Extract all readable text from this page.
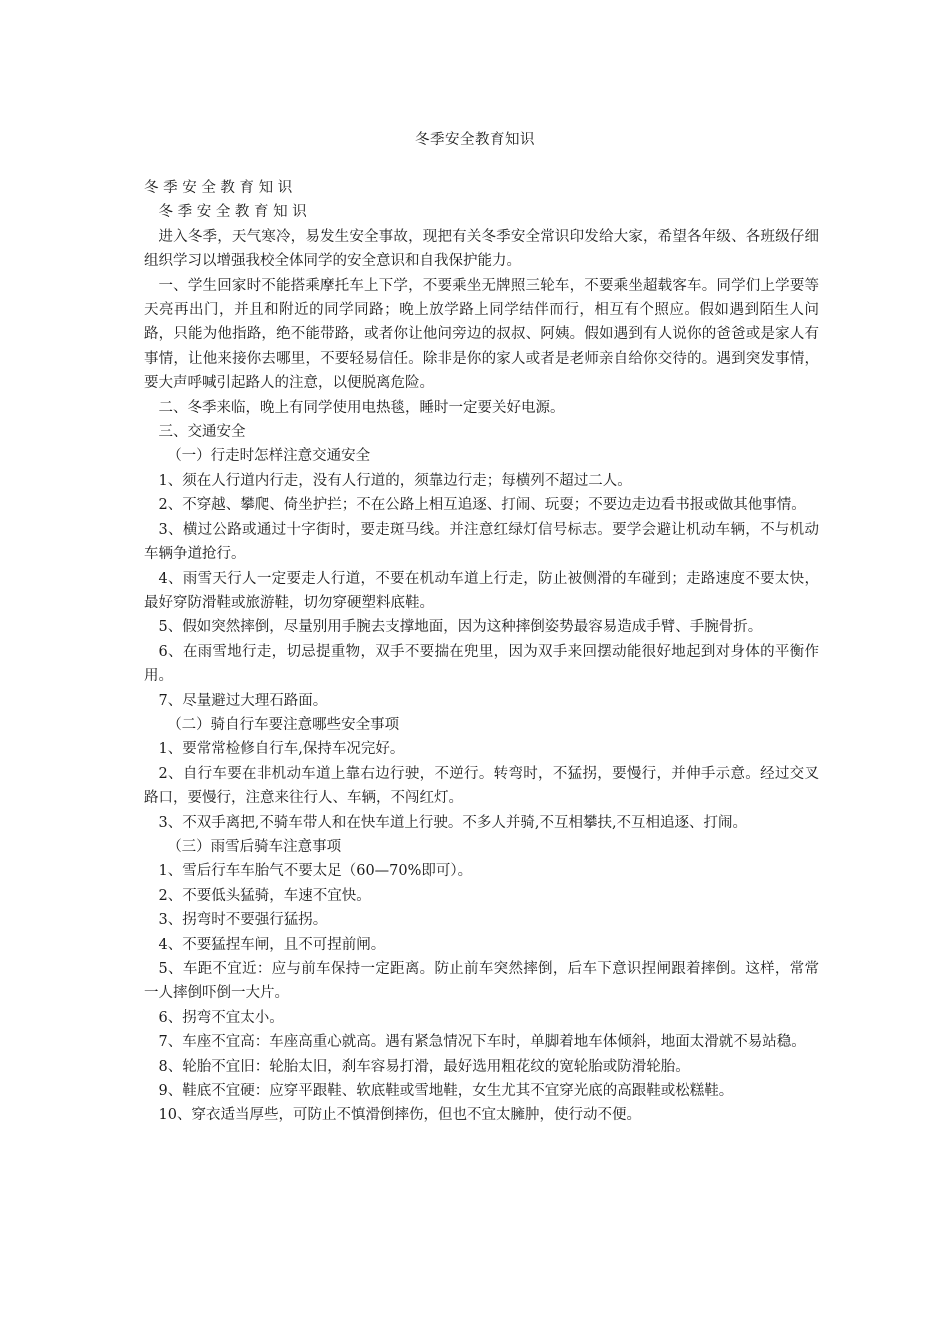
冬季安全教育知识

冬 季 安 全 教 育 知 识

冬 季 安 全 教 育 知 识

进入冬季，天气寒冷，易发生安全事故，现把有关冬季安全常识印发给大家，希望各年级、各班级仔细组织学习以增强我校全体同学的安全意识和自我保护能力。

一、学生回家时不能搭乘摩托车上下学，不要乘坐无牌照三轮车，不要乘坐超载客车。同学们上学要等天亮再出门，并且和附近的同学同路；晚上放学路上同学结伴而行，相互有个照应。假如遇到陌生人问路，只能为他指路，绝不能带路，或者你让他问旁边的叔叔、阿姨。假如遇到有人说你的爸爸或是家人有事情，让他来接你去哪里，不要轻易信任。除非是你的家人或者是老师亲自给你交待的。遇到突发事情，要大声呼喊引起路人的注意，以便脱离危险。

二、冬季来临，晚上有同学使用电热毯，睡时一定要关好电源。

三、交通安全

（一）行走时怎样注意交通安全

1、须在人行道内行走，没有人行道的，须靠边行走；每横列不超过二人。

2、不穿越、攀爬、倚坐护拦；不在公路上相互追逐、打闹、玩耍；不要边走边看书报或做其他事情。

3、横过公路或通过十字街时，要走斑马线。并注意红绿灯信号标志。要学会避让机动车辆，不与机动车辆争道抢行。

4、雨雪天行人一定要走人行道，不要在机动车道上行走，防止被侧滑的车碰到；走路速度不要太快，最好穿防滑鞋或旅游鞋，切勿穿硬塑料底鞋。

5、假如突然摔倒，尽量别用手腕去支撑地面，因为这种摔倒姿势最容易造成手臂、手腕骨折。

6、在雨雪地行走，切忌提重物，双手不要揣在兜里，因为双手来回摆动能很好地起到对身体的平衡作用。

7、尽量避过大理石路面。

（二）骑自行车要注意哪些安全事项

1、要常常检修自行车,保持车况完好。

2、自行车要在非机动车道上靠右边行驶，不逆行。转弯时，不猛拐，要慢行，并伸手示意。经过交叉路口，要慢行，注意来往行人、车辆，不闯红灯。

3、不双手离把,不骑车带人和在快车道上行驶。不多人并骑,不互相攀扶,不互相追逐、打闹。

（三）雨雪后骑车注意事项

1、雪后行车车胎气不要太足（60—70%即可）。

2、不要低头猛骑，车速不宜快。

3、拐弯时不要强行猛拐。

4、不要猛捏车闸，且不可捏前闸。

5、车距不宜近：应与前车保持一定距离。防止前车突然摔倒，后车下意识捏闸跟着摔倒。这样，常常一人摔倒吓倒一大片。

6、拐弯不宜太小。

7、车座不宜高：车座高重心就高。遇有紧急情况下车时，单脚着地车体倾斜，地面太滑就不易站稳。

8、轮胎不宜旧：轮胎太旧，刹车容易打滑，最好选用粗花纹的宽轮胎或防滑轮胎。

9、鞋底不宜硬：应穿平跟鞋、软底鞋或雪地鞋，女生尤其不宜穿光底的高跟鞋或松糕鞋。

10、穿衣适当厚些，可防止不慎滑倒摔伤，但也不宜太臃肿，使行动不便。
